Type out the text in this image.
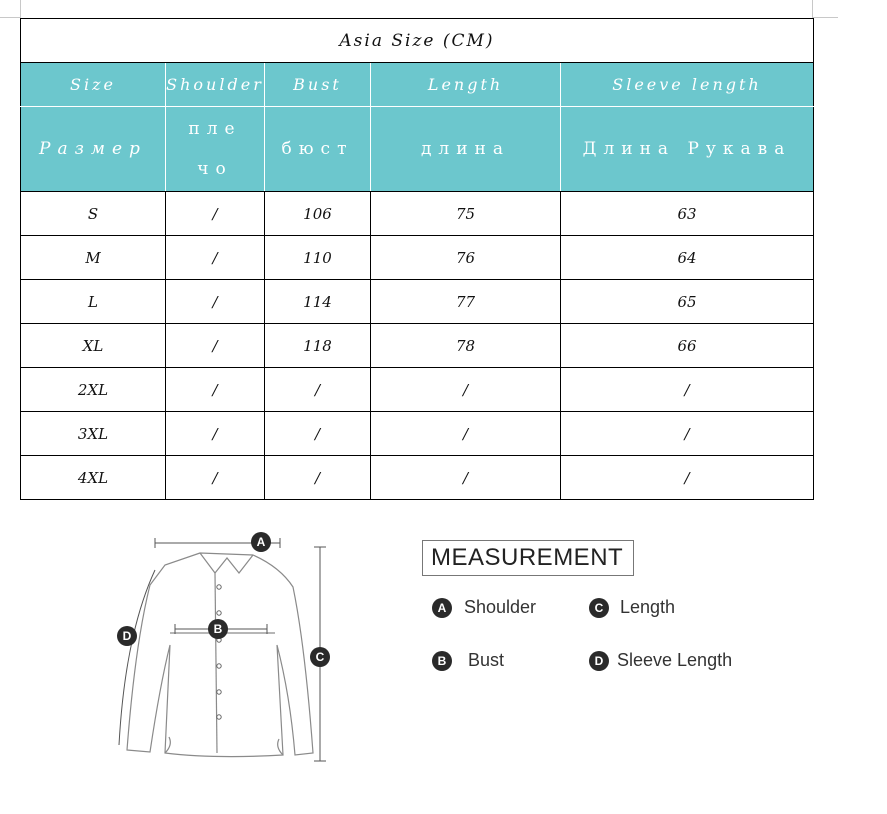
Asia Size (CM)				
Size	Shoulder	Bust	Length	Sleeve length
Размер	плечо	бюст	длина	Длина Рукава
S	/	106	75	63
M	/	110	76	64
L	/	114	77	65
XL	/	118	78	66
2XL	/	/	/	/
3XL	/	/	/	/
4XL	/	/	/	/
A
B
C
D
MEASUREMENT
A Shoulder	C Length
B	Bust	D Sleeve Length
